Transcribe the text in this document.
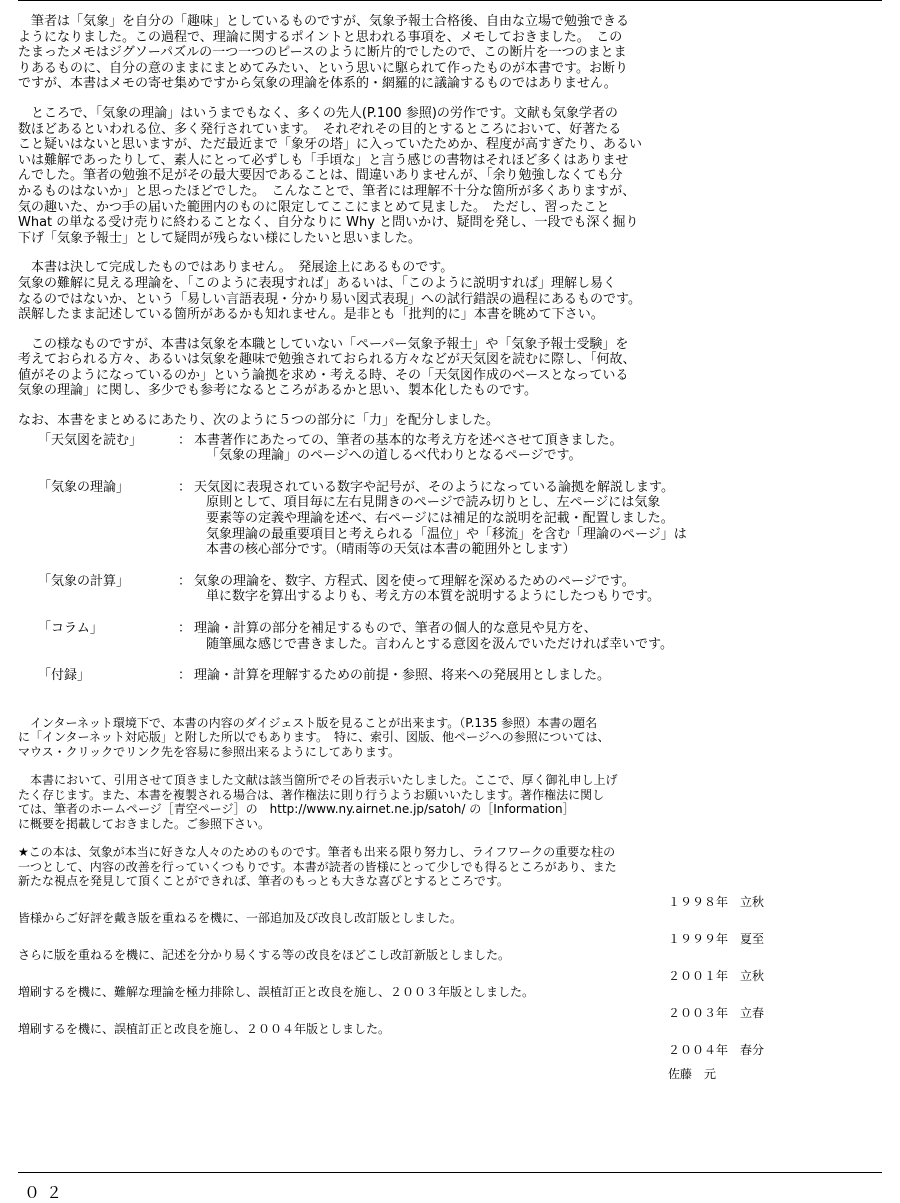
筆者は「気象」を自分の「趣味」としているものですが、気象予報士合格後、自由な立場で勉強できる

ようになりました。この過程で、理論に関するポイントと思われる事項を、メモしておきました。　この

たまったメモはジグソーパズルの一つ一つのピースのように断片的でしたので、この断片を一つのまとま

りあるものに、自分の意のままにまとめてみたい、という思いに駆られて作ったものが本書です。お断り

ですが、本書はメモの寄せ集めですから気象の理論を体系的・網羅的に議論するものではありません。

ところで、「気象の理論」はいうまでもなく、多くの先人(P.100 参照)の労作です。文献も気象学者の

数ほどあるといわれる位、多く発行されています。　それぞれその目的とするところにおいて、好著たる

こと疑いはないと思いますが、ただ最近まで「象牙の塔」に入っていたためか、程度が高すぎたり、あるい

いは難解であったりして、素人にとって必ずしも「手頃な」と言う感じの書物はそれほど多くはありませ

んでした。筆者の勉強不足がその最大要因であることは、間違いありませんが、「余り勉強しなくても分

かるものはないか」と思ったほどでした。　こんなことで、筆者には理解不十分な箇所が多くありますが、

気の趣いた、かつ手の届いた範囲内のものに限定してここにまとめて見ました。　ただし、習ったこと

What の単なる受け売りに終わることなく、自分なりに Why と問いかけ、疑問を発し、一段でも深く掘り

下げ「気象予報士」として疑問が残らない様にしたいと思いました。

本書は決して完成したものではありません。　発展途上にあるものです。

気象の難解に見える理論を、「このように表現すれば」あるいは、「このように説明すれば」理解し易く

なるのではないか、という「易しい言語表現・分かり易い図式表現」への試行錯誤の過程にあるものです。

誤解したまま記述している箇所があるかも知れません。是非とも「批判的に」本書を眺めて下さい。

この様なものですが、本書は気象を本職としていない「ペーパー気象予報士」や「気象予報士受験」を

考えておられる方々、あるいは気象を趣味で勉強されておられる方々などが天気図を読むに際し、「何故、

値がそのようになっているのか」という論拠を求め・考える時、その「天気図作成のベースとなっている

気象の理論」に関し、多少でも参考になるところがあるかと思い、製本化したものです。

なお、本書をまとめるにあたり、次のように５つの部分に「力」を配分しました。

「天気図を読む」	： 本書著作にあたっての、筆者の基本的な考え方を述べさせて頂きました。
「気象の理論」のページへの道しるべ代わりとなるページです。
「気象の理論」	： 天気図に表現されている数字や記号が、そのようになっている論拠を解説します。
原則として、項目毎に左右見開きのページで読み切りとし、左ページには気象
要素等の定義や理論を述べ、右ページには補足的な説明を記載・配置しました。
気象理論の最重要項目と考えられる「温位」や「移流」を含む「理論のページ」は
本書の核心部分です。（晴雨等の天気は本書の範囲外とします）
「気象の計算」	： 気象の理論を、数字、方程式、図を使って理解を深めるためのページです。
単に数字を算出するよりも、考え方の本質を説明するようにしたつもりです。
「コラム」	： 理論・計算の部分を補足するもので、筆者の個人的な意見や見方を、
随筆風な感じで書きました。言わんとする意図を汲んでいただければ幸いです。
「付録」	： 理論・計算を理解するための前提・参照、将来への発展用としました。

インターネット環境下で、本書の内容のダイジェスト版を見ることが出来ます。（P.135 参照）本書の題名

に「インターネット対応版」と附した所以でもあります。　特に、索引、図版、他ページへの参照については、

マウス・クリックでリンク先を容易に参照出来るようにしてあります。

本書において、引用させて頂きました文献は該当箇所でその旨表示いたしました。ここで、厚く御礼申し上げ

たく存じます。また、本書を複製される場合は、著作権法に則り行うようお願いいたします。著作権法に関し

ては、筆者のホームページ［青空ページ］の　http://www.ny.airnet.ne.jp/satoh/ の［Information］

に概要を掲載しておきました。ご参照下さい。

★この本は、気象が本当に好きな人々のためのものです。筆者も出来る限り努力し、ライフワークの重要な柱の

一つとして、内容の改善を行っていくつもりです。本書が読者の皆様にとって少しでも得るところがあり、また

新たな視点を発見して頂くことができれば、筆者のもっとも大きな喜びとするところです。

１９９８年　立秋

皆様からご好評を戴き版を重ねるを機に、一部追加及び改良し改訂版としました。

１９９９年　夏至

さらに版を重ねるを機に、記述を分かり易くする等の改良をほどこし改訂新版としました。

２００１年　立秋

増刷するを機に、難解な理論を極力排除し、誤植訂正と改良を施し、２００３年版としました。

２００３年　立春

増刷するを機に、誤植訂正と改良を施し、２００４年版としました。

２００４年　春分
佐藤　元
０２
